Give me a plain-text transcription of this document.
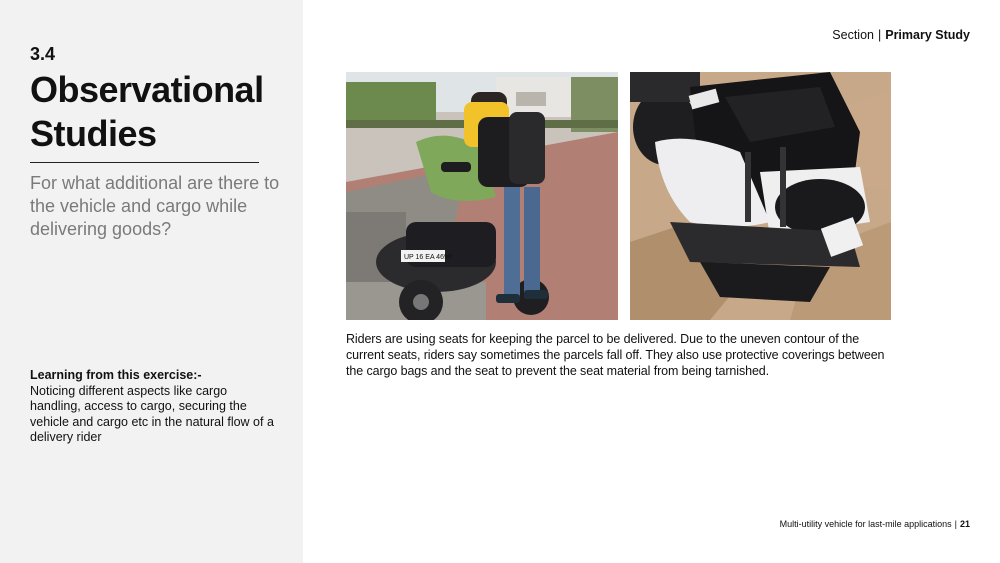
3.4
Observational
Studies
For what additional are there to the vehicle and cargo while delivering goods?
Learning from this exercise:-
Noticing different aspects like cargo handling, access to cargo, securing the vehicle and cargo etc in the natural flow of a delivery rider
Section | Primary Study
UP 16 EA 4698
Riders are using seats for keeping the parcel to be delivered. Due to the uneven contour of the current seats, riders say sometimes the parcels fall off. They also use protective coverings between the cargo bags and the seat to prevent the seat material from being tarnished.
Multi-utility vehicle for last-mile applications | 21
